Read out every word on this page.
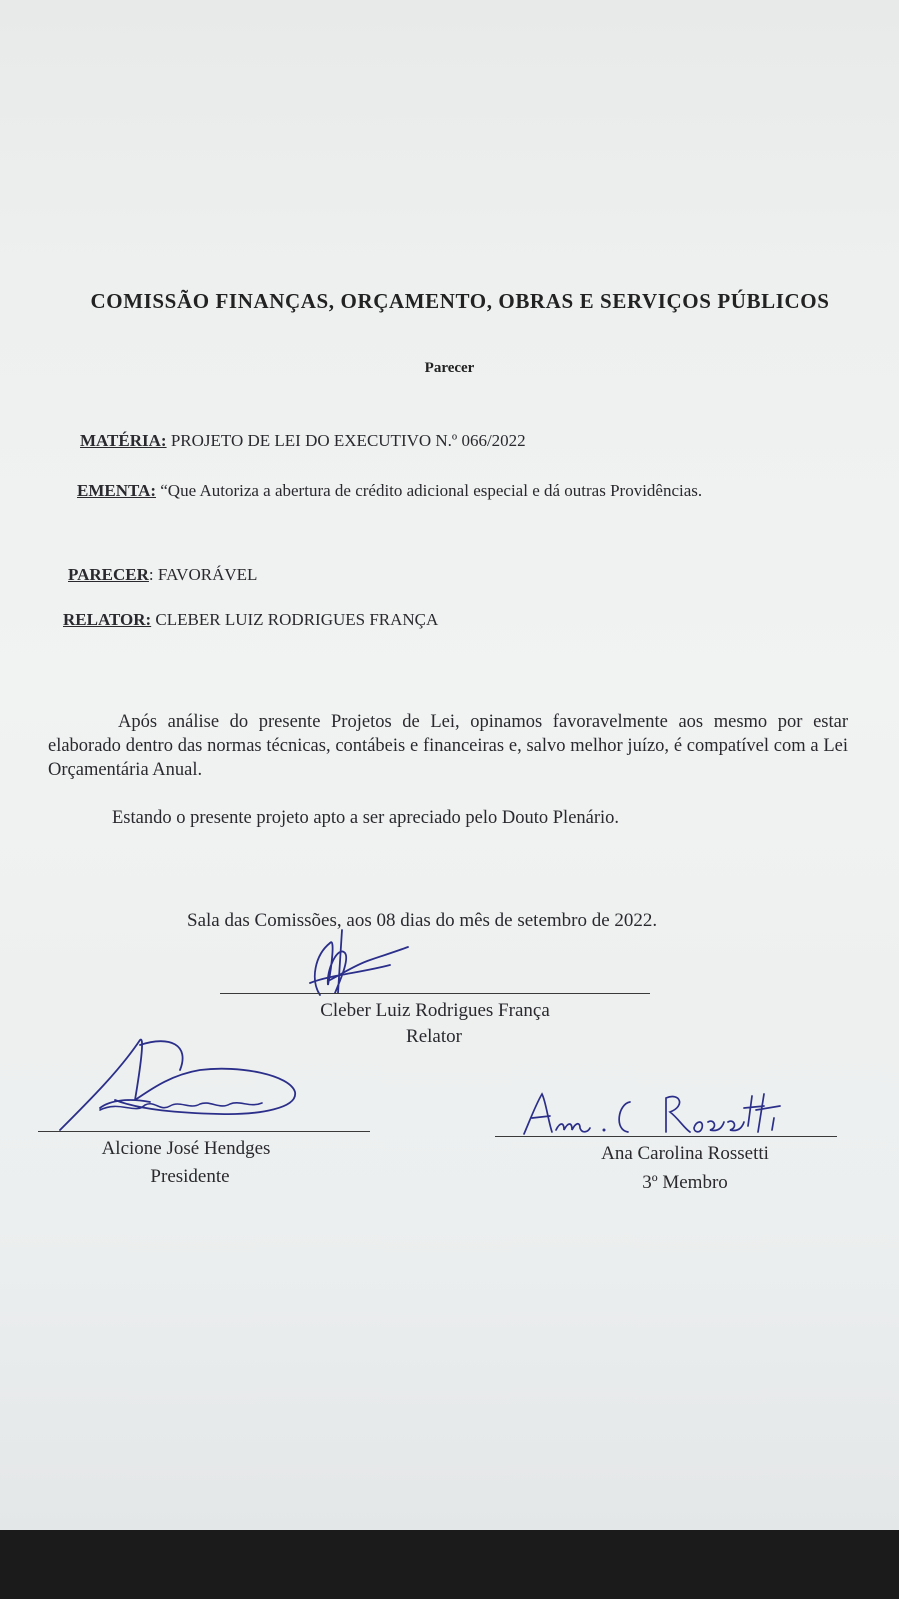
COMISSÃO FINANÇAS, ORÇAMENTO, OBRAS E SERVIÇOS PÚBLICOS
Parecer
MATÉRIA: PROJETO DE LEI DO EXECUTIVO N.º 066/2022
EMENTA: “Que Autoriza a abertura de crédito adicional especial e dá outras Providências.
PARECER: FAVORÁVEL
RELATOR: CLEBER LUIZ RODRIGUES FRANÇA
Após análise do presente Projetos de Lei, opinamos favoravelmente aos mesmo por estar elaborado dentro das normas técnicas, contábeis e financeiras e, salvo melhor juízo, é compatível com a Lei Orçamentária Anual.
Estando o presente projeto apto a ser apreciado pelo Douto Plenário.
Sala das Comissões, aos 08 dias do mês de setembro de 2022.
Cleber Luiz Rodrigues França
Relator
Alcione José Hendges
Presidente
Ana Carolina Rossetti
3º Membro
